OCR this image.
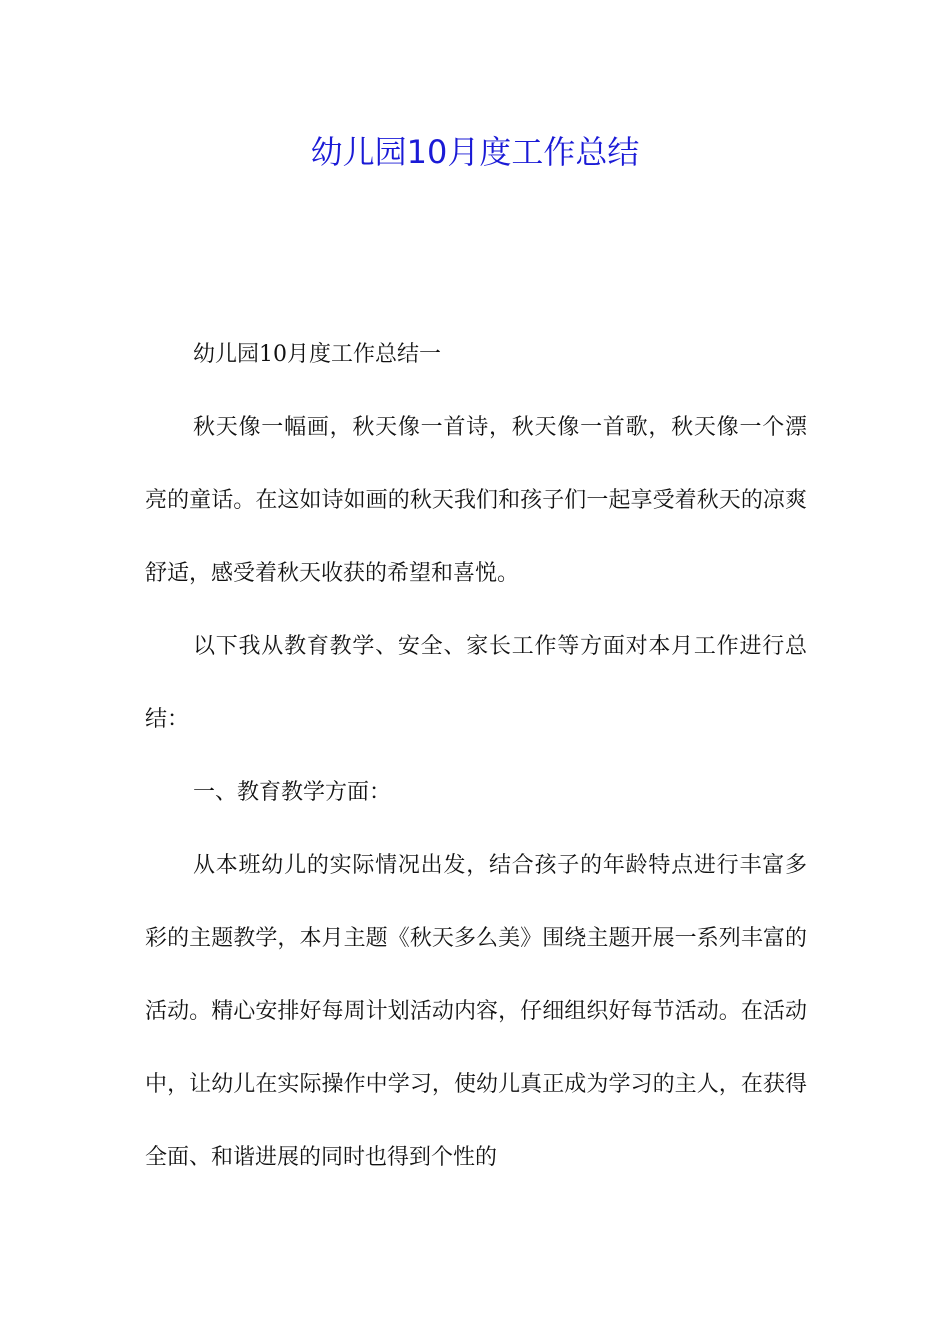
幼儿园10月度工作总结

幼儿园10月度工作总结一

秋天像一幅画，秋天像一首诗，秋天像一首歌，秋天像一个漂亮的童话。在这如诗如画的秋天我们和孩子们一起享受着秋天的凉爽舒适，感受着秋天收获的希望和喜悦。

以下我从教育教学、安全、家长工作等方面对本月工作进行总结：

一、教育教学方面：

从本班幼儿的实际情况出发，结合孩子的年龄特点进行丰富多彩的主题教学，本月主题《秋天多么美》围绕主题开展一系列丰富的活动。精心安排好每周计划活动内容，仔细组织好每节活动。在活动中，让幼儿在实际操作中学习，使幼儿真正成为学习的主人，在获得全面、和谐进展的同时也得到个性的
